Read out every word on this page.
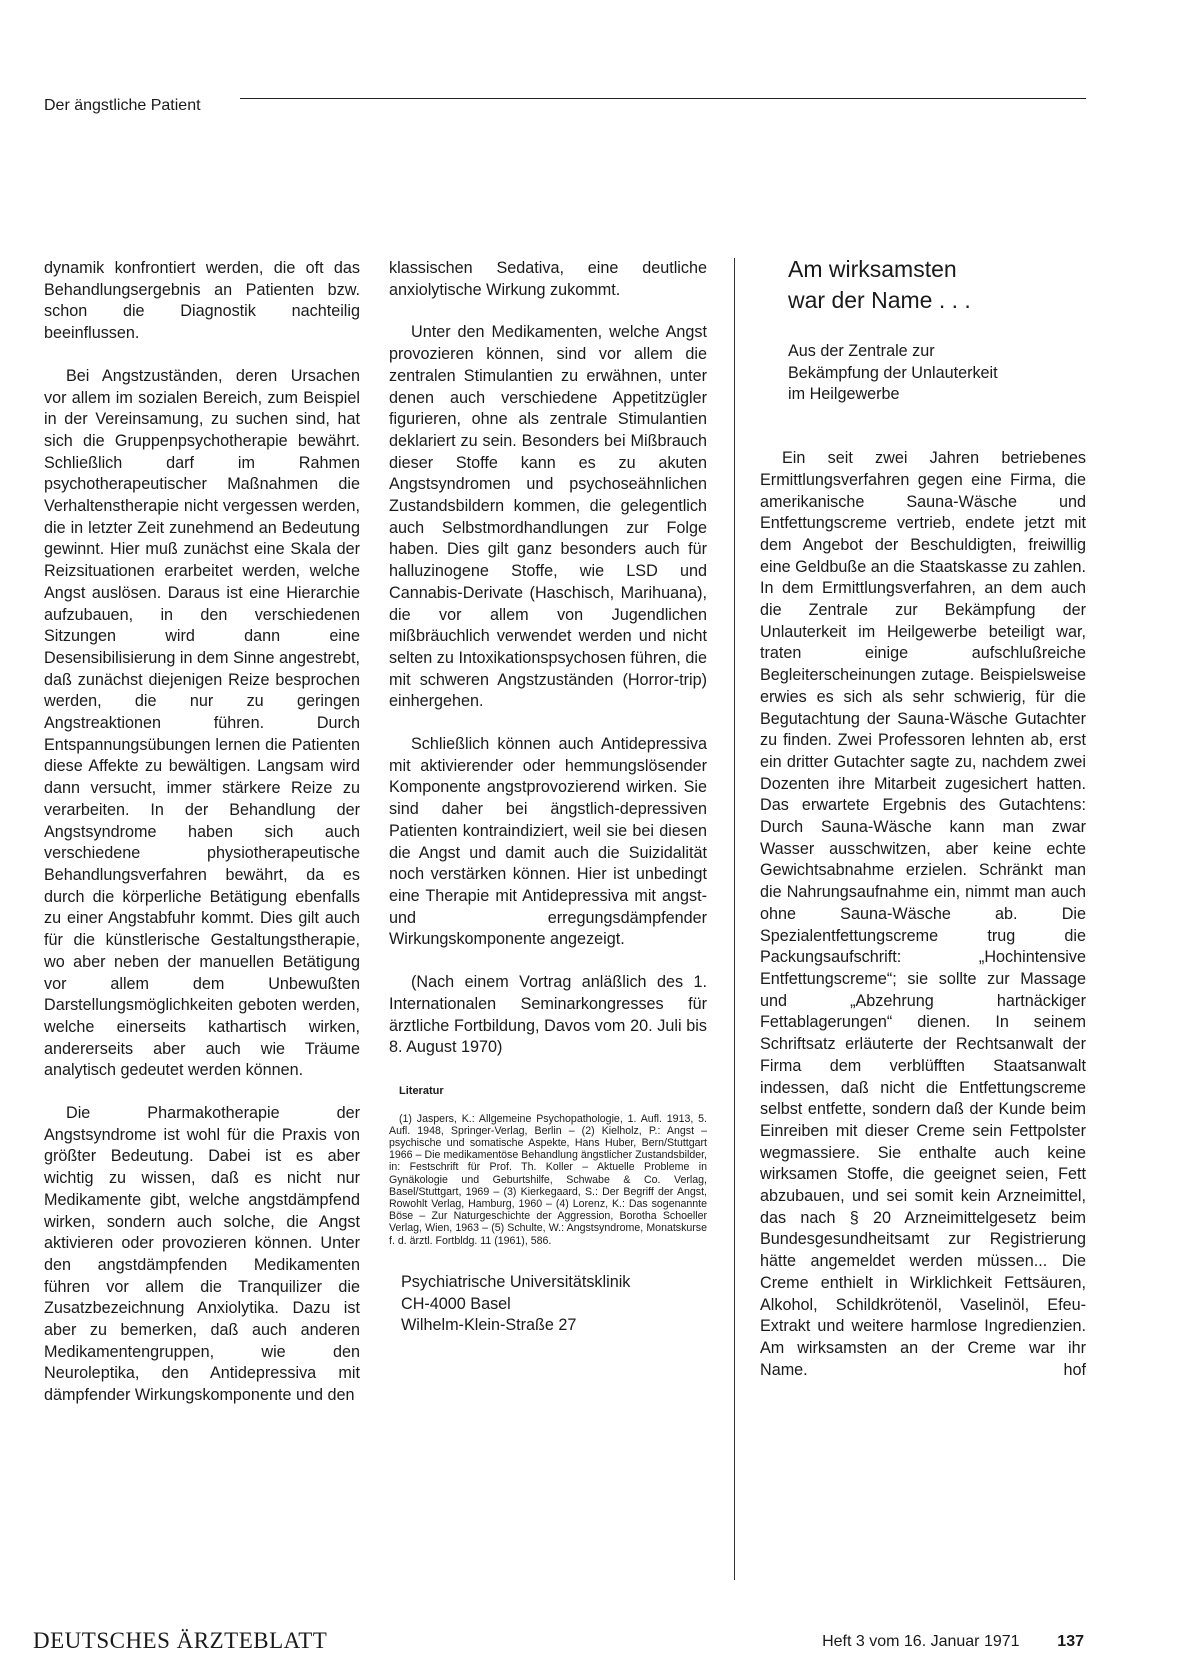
Der ängstliche Patient

dynamik konfrontiert werden, die oft das Behandlungsergebnis an Patienten bzw. schon die Diagnostik nachteilig beeinflussen.

Bei Angstzuständen, deren Ursachen vor allem im sozialen Bereich, zum Beispiel in der Vereinsamung, zu suchen sind, hat sich die Gruppenpsychotherapie bewährt. Schließlich darf im Rahmen psychotherapeutischer Maßnahmen die Verhaltenstherapie nicht vergessen werden, die in letzter Zeit zunehmend an Bedeutung gewinnt. Hier muß zunächst eine Skala der Reizsituationen erarbeitet werden, welche Angst auslösen. Daraus ist eine Hierarchie aufzubauen, in den verschiedenen Sitzungen wird dann eine Desensibilisierung in dem Sinne angestrebt, daß zunächst diejenigen Reize besprochen werden, die nur zu geringen Angstreaktionen führen. Durch Entspannungsübungen lernen die Patienten diese Affekte zu bewältigen. Langsam wird dann versucht, immer stärkere Reize zu verarbeiten. In der Behandlung der Angstsyndrome haben sich auch verschiedene physiotherapeutische Behandlungsverfahren bewährt, da es durch die körperliche Betätigung ebenfalls zu einer Angstabfuhr kommt. Dies gilt auch für die künstlerische Gestaltungstherapie, wo aber neben der manuellen Betätigung vor allem dem Unbewußten Darstellungsmöglichkeiten geboten werden, welche einerseits kathartisch wirken, andererseits aber auch wie Träume analytisch gedeutet werden können.

Die Pharmakotherapie der Angstsyndrome ist wohl für die Praxis von größter Bedeutung. Dabei ist es aber wichtig zu wissen, daß es nicht nur Medikamente gibt, welche angstdämpfend wirken, sondern auch solche, die Angst aktivieren oder provozieren können. Unter den angstdämpfenden Medikamenten führen vor allem die Tranquilizer die Zusatzbezeichnung Anxiolytika. Dazu ist aber zu bemerken, daß auch anderen Medikamentengruppen, wie den Neuroleptika, den Antidepressiva mit dämpfender Wirkungskomponente und den

klassischen Sedativa, eine deutliche anxiolytische Wirkung zukommt.

Unter den Medikamenten, welche Angst provozieren können, sind vor allem die zentralen Stimulantien zu erwähnen, unter denen auch verschiedene Appetitzügler figurieren, ohne als zentrale Stimulantien deklariert zu sein. Besonders bei Mißbrauch dieser Stoffe kann es zu akuten Angstsyndromen und psychoseähnlichen Zustandsbildern kommen, die gelegentlich auch Selbstmordhandlungen zur Folge haben. Dies gilt ganz besonders auch für halluzinogene Stoffe, wie LSD und Cannabis-Derivate (Haschisch, Marihuana), die vor allem von Jugendlichen mißbräuchlich verwendet werden und nicht selten zu Intoxikationspsychosen führen, die mit schweren Angstzuständen (Horror-trip) einhergehen.

Schließlich können auch Antidepressiva mit aktivierender oder hemmungslösender Komponente angstprovozierend wirken. Sie sind daher bei ängstlich-depressiven Patienten kontraindiziert, weil sie bei diesen die Angst und damit auch die Suizidalität noch verstärken können. Hier ist unbedingt eine Therapie mit Antidepressiva mit angst- und erregungsdämpfender Wirkungskomponente angezeigt.

(Nach einem Vortrag anläßlich des 1. Internationalen Seminarkongresses für ärztliche Fortbildung, Davos vom 20. Juli bis 8. August 1970)

Literatur

(1) Jaspers, K.: Allgemeine Psychopathologie, 1. Aufl. 1913, 5. Aufl. 1948, Springer-Verlag, Berlin – (2) Kielholz, P.: Angst – psychische und somatische Aspekte, Hans Huber, Bern/Stuttgart 1966 – Die medikamentöse Behandlung ängstlicher Zustandsbilder, in: Festschrift für Prof. Th. Koller – Aktuelle Probleme in Gynäkologie und Geburtshilfe, Schwabe & Co. Verlag, Basel/Stuttgart, 1969 – (3) Kierkegaard, S.: Der Begriff der Angst, Rowohlt Verlag, Hamburg, 1960 – (4) Lorenz, K.: Das sogenannte Böse – Zur Naturgeschichte der Aggression, Borotha Schoeller Verlag, Wien, 1963 – (5) Schulte, W.: Angstsyndrome, Monatskurse f. d. ärztl. Fortbldg. 11 (1961), 586.

Psychiatrische Universitätsklinik
CH-4000 Basel
Wilhelm-Klein-Straße 27
Am wirksamsten
war der Name . . .
Aus der Zentrale zur
Bekämpfung der Unlauterkeit
im Heilgewerbe

Ein seit zwei Jahren betriebenes Ermittlungsverfahren gegen eine Firma, die amerikanische Sauna-Wäsche und Entfettungscreme vertrieb, endete jetzt mit dem Angebot der Beschuldigten, freiwillig eine Geldbuße an die Staatskasse zu zahlen. In dem Ermittlungsverfahren, an dem auch die Zentrale zur Bekämpfung der Unlauterkeit im Heilgewerbe beteiligt war, traten einige aufschlußreiche Begleiterscheinungen zutage. Beispielsweise erwies es sich als sehr schwierig, für die Begutachtung der Sauna-Wäsche Gutachter zu finden. Zwei Professoren lehnten ab, erst ein dritter Gutachter sagte zu, nachdem zwei Dozenten ihre Mitarbeit zugesichert hatten. Das erwartete Ergebnis des Gutachtens: Durch Sauna-Wäsche kann man zwar Wasser ausschwitzen, aber keine echte Gewichtsabnahme erzielen. Schränkt man die Nahrungsaufnahme ein, nimmt man auch ohne Sauna-Wäsche ab. Die Spezialentfettungscreme trug die Packungsaufschrift: „Hochintensive Entfettungscreme“; sie sollte zur Massage und „Abzehrung hartnäckiger Fettablagerungen“ dienen. In seinem Schriftsatz erläuterte der Rechtsanwalt der Firma dem verblüfften Staatsanwalt indessen, daß nicht die Entfettungscreme selbst entfette, sondern daß der Kunde beim Einreiben mit dieser Creme sein Fettpolster wegmassiere. Sie enthalte auch keine wirksamen Stoffe, die geeignet seien, Fett abzubauen, und sei somit kein Arzneimittel, das nach § 20 Arzneimittelgesetz beim Bundesgesundheitsamt zur Registrierung hätte angemeldet werden müssen... Die Creme enthielt in Wirklichkeit Fettsäuren, Alkohol, Schildkrötenöl, Vaselinöl, Efeu-Extrakt und weitere harmlose Ingredienzien. Am wirksamsten an der Creme war ihr Name.	hof

DEUTSCHES ÄRZTEBLATT	Heft 3 vom 16. Januar 1971	137
